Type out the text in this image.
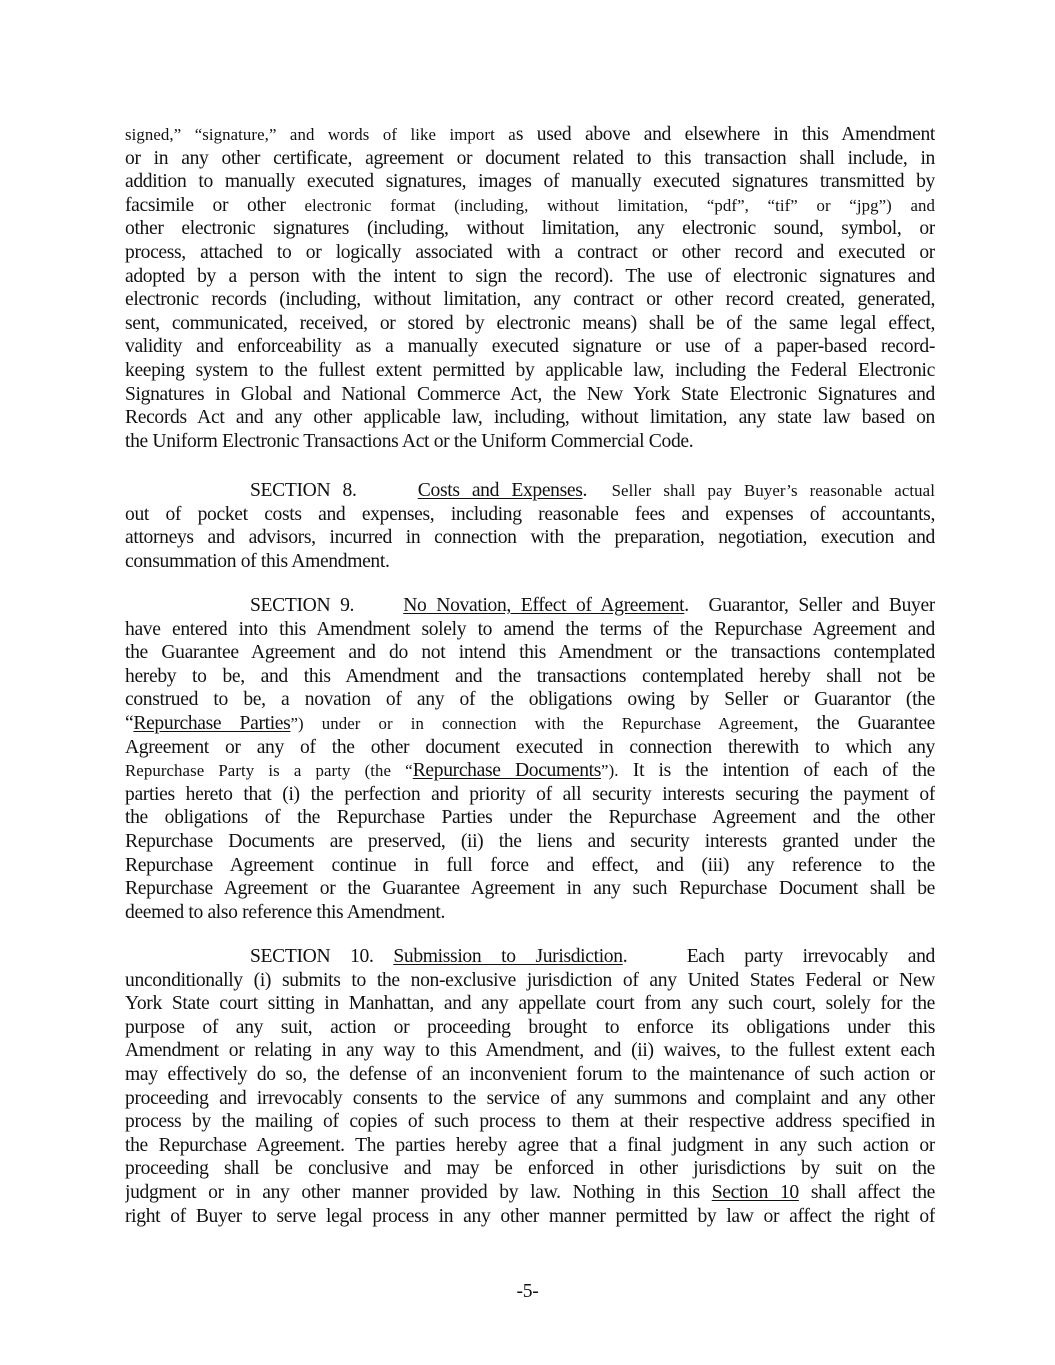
signed,” “signature,” and words of like import as used above and elsewhere in this Amendment
or in any other certificate, agreement or document related to this transaction shall include, in
addition to manually executed signatures, images of manually executed signatures transmitted by
facsimile or other electronic format (including, without limitation, “pdf”, “tif” or “jpg”) and
other electronic signatures (including, without limitation, any electronic sound, symbol, or
process, attached to or logically associated with a contract or other record and executed or
adopted by a person with the intent to sign the record). The use of electronic signatures and
electronic records (including, without limitation, any contract or other record created, generated,
sent, communicated, received, or stored by electronic means) shall be of the same legal effect,
validity and enforceability as a manually executed signature or use of a paper-based record-
keeping system to the fullest extent permitted by applicable law, including the Federal Electronic
Signatures in Global and National Commerce Act, the New York State Electronic Signatures and
Records Act and any other applicable law, including, without limitation, any state law based on
the Uniform Electronic Transactions Act or the Uniform Commercial Code.
SECTION 8.	Costs and Expenses. Seller shall pay Buyer’s reasonable actual
out of pocket costs and expenses, including reasonable fees and expenses of accountants,
attorneys and advisors, incurred in connection with the preparation, negotiation, execution and
consummation of this Amendment.
SECTION 9.	No Novation, Effect of Agreement. Guarantor, Seller and Buyer
have entered into this Amendment solely to amend the terms of the Repurchase Agreement and
the Guarantee Agreement and do not intend this Amendment or the transactions contemplated
hereby to be, and this Amendment and the transactions contemplated hereby shall not be
construed to be, a novation of any of the obligations owing by Seller or Guarantor (the
“Repurchase Parties”) under or in connection with the Repurchase Agreement, the Guarantee
Agreement or any of the other document executed in connection therewith to which any
Repurchase Party is a party (the “Repurchase Documents”). It is the intention of each of the
parties hereto that (i) the perfection and priority of all security interests securing the payment of
the obligations of the Repurchase Parties under the Repurchase Agreement and the other
Repurchase Documents are preserved, (ii) the liens and security interests granted under the
Repurchase Agreement continue in full force and effect, and (iii) any reference to the
Repurchase Agreement or the Guarantee Agreement in any such Repurchase Document shall be
deemed to also reference this Amendment.
SECTION 10. Submission to Jurisdiction.	Each party irrevocably and
unconditionally (i) submits to the non-exclusive jurisdiction of any United States Federal or New
York State court sitting in Manhattan, and any appellate court from any such court, solely for the
purpose of any suit, action or proceeding brought to enforce its obligations under this
Amendment or relating in any way to this Amendment, and (ii) waives, to the fullest extent each
may effectively do so, the defense of an inconvenient forum to the maintenance of such action or
proceeding and irrevocably consents to the service of any summons and complaint and any other
process by the mailing of copies of such process to them at their respective address specified in
the Repurchase Agreement. The parties hereby agree that a final judgment in any such action or
proceeding shall be conclusive and may be enforced in other jurisdictions by suit on the
judgment or in any other manner provided by law. Nothing in this Section 10 shall affect the
right of Buyer to serve legal process in any other manner permitted by law or affect the right of
-5-
